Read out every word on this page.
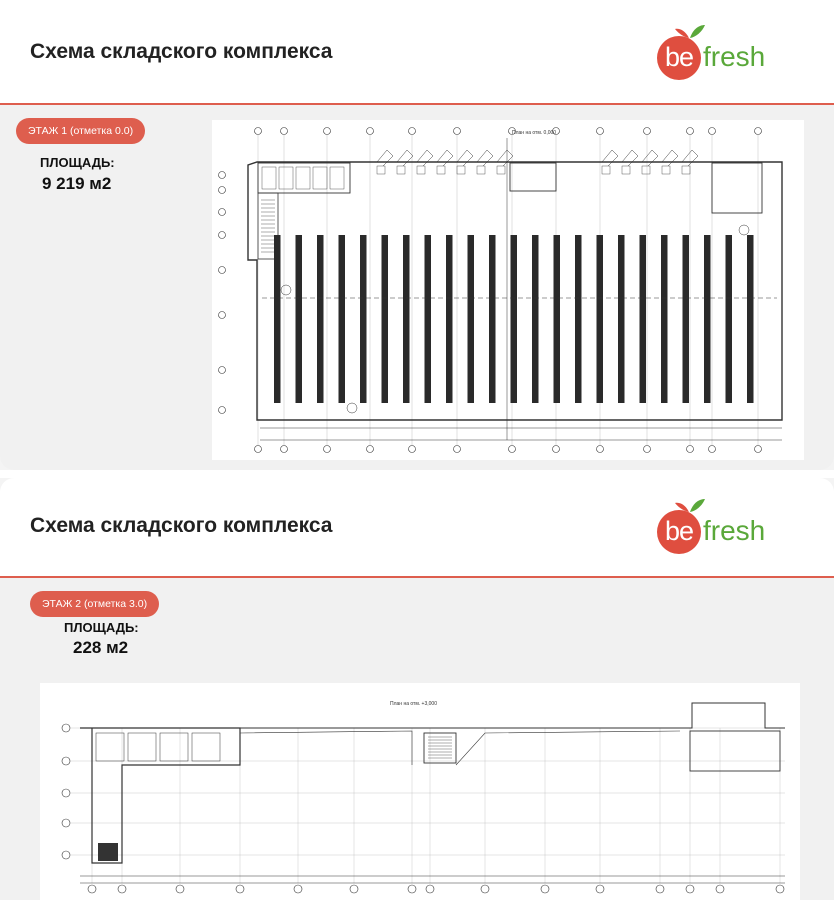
Схема складского комплекса	be fresh
ЭТАЖ 1 (отметка 0.0)
ПЛОЩАДЬ:
9 219 м2
План на отм. 0,000
Схема складского комплекса	be fresh
ЭТАЖ 2 (отметка 3.0)
ПЛОЩАДЬ:
228 м2
План на отм. +3,000
